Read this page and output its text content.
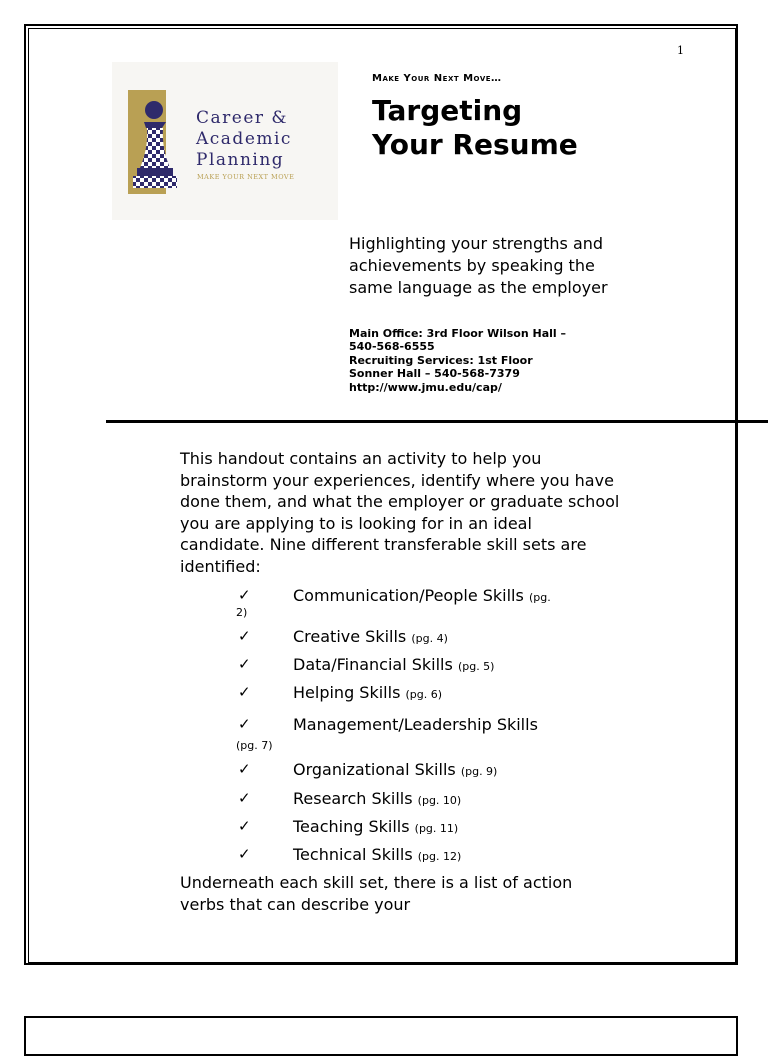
1
Career &
Academic
Planning
MAKE YOUR NEXT MOVE
Make Your Next Move…
Targeting
Your Resume
Highlighting your strengths and achievements by speaking the same language as the employer
Main Office: 3rd Floor Wilson Hall –
540-568-6555
Recruiting Services: 1st Floor
Sonner Hall – 540-568-7379
http://www.jmu.edu/cap/
This handout contains an activity to help you brainstorm your experiences, identify where you have done them, and what the employer or graduate school you are applying to is looking for in an ideal candidate. Nine different transferable skill sets are identified:
✓	Communication/People Skills (pg.
2)
✓	Creative Skills (pg. 4)
✓	Data/Financial Skills (pg. 5)
✓	Helping Skills (pg. 6)
✓	Management/Leadership Skills
(pg. 7)
✓	Organizational Skills (pg. 9)
✓	Research Skills (pg. 10)
✓	Teaching Skills (pg. 11)
✓	Technical Skills (pg. 12)
Underneath each skill set, there is a list of action verbs that can describe your
